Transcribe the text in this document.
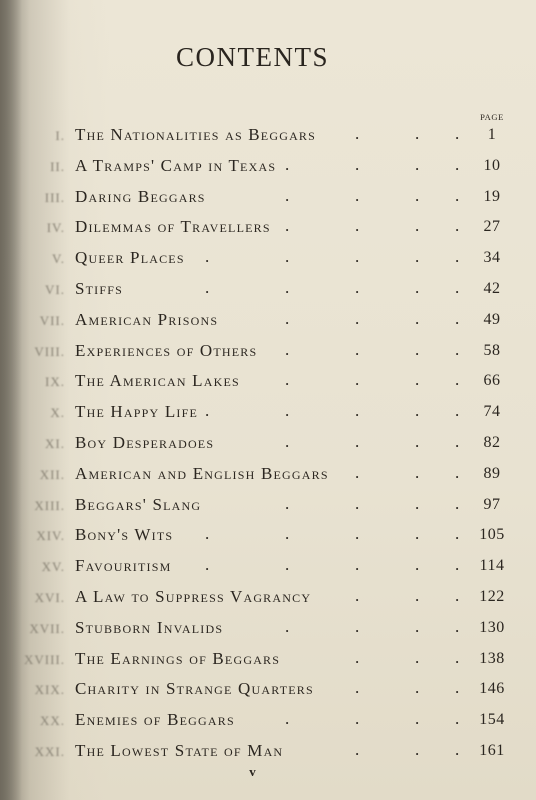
CONTENTS
PAGE
I. The Nationalities as Beggars	1
.	. .
II. A Tramps' Camp in Texas	10
.	.	. .
III. Daring Beggars	19
.	.	. .
IV. Dilemmas of Travellers	27
.	.	. .
V. Queer Places	34
.	.	.	. .
VI. Stiffs	42
.	.	.	. .
VII. American Prisons	49
.	.	. .
VIII. Experiences of Others	58
.	.	. .
IX. The American Lakes	66
.	.	. .
X. The Happy Life	74
.	.	.	. .
XI. Boy Desperadoes	82
.	.	. .
XII. American and English Beggars	89
.	. .
XIII. Beggars' Slang	97
.	.	. .
XIV. Bony's Wits	105
.	.	.	. .
XV. Favouritism	114
.	.	.	. .
XVI. A Law to Suppress Vagrancy	122
.	. .
XVII. Stubborn Invalids	130
.	.	. .
XVIII. The Earnings of Beggars	138
.	. .
XIX. Charity in Strange Quarters	146
.	. .
XX. Enemies of Beggars	154
.	.	. .
XXI. The Lowest State of Man	161
.	. .
v
